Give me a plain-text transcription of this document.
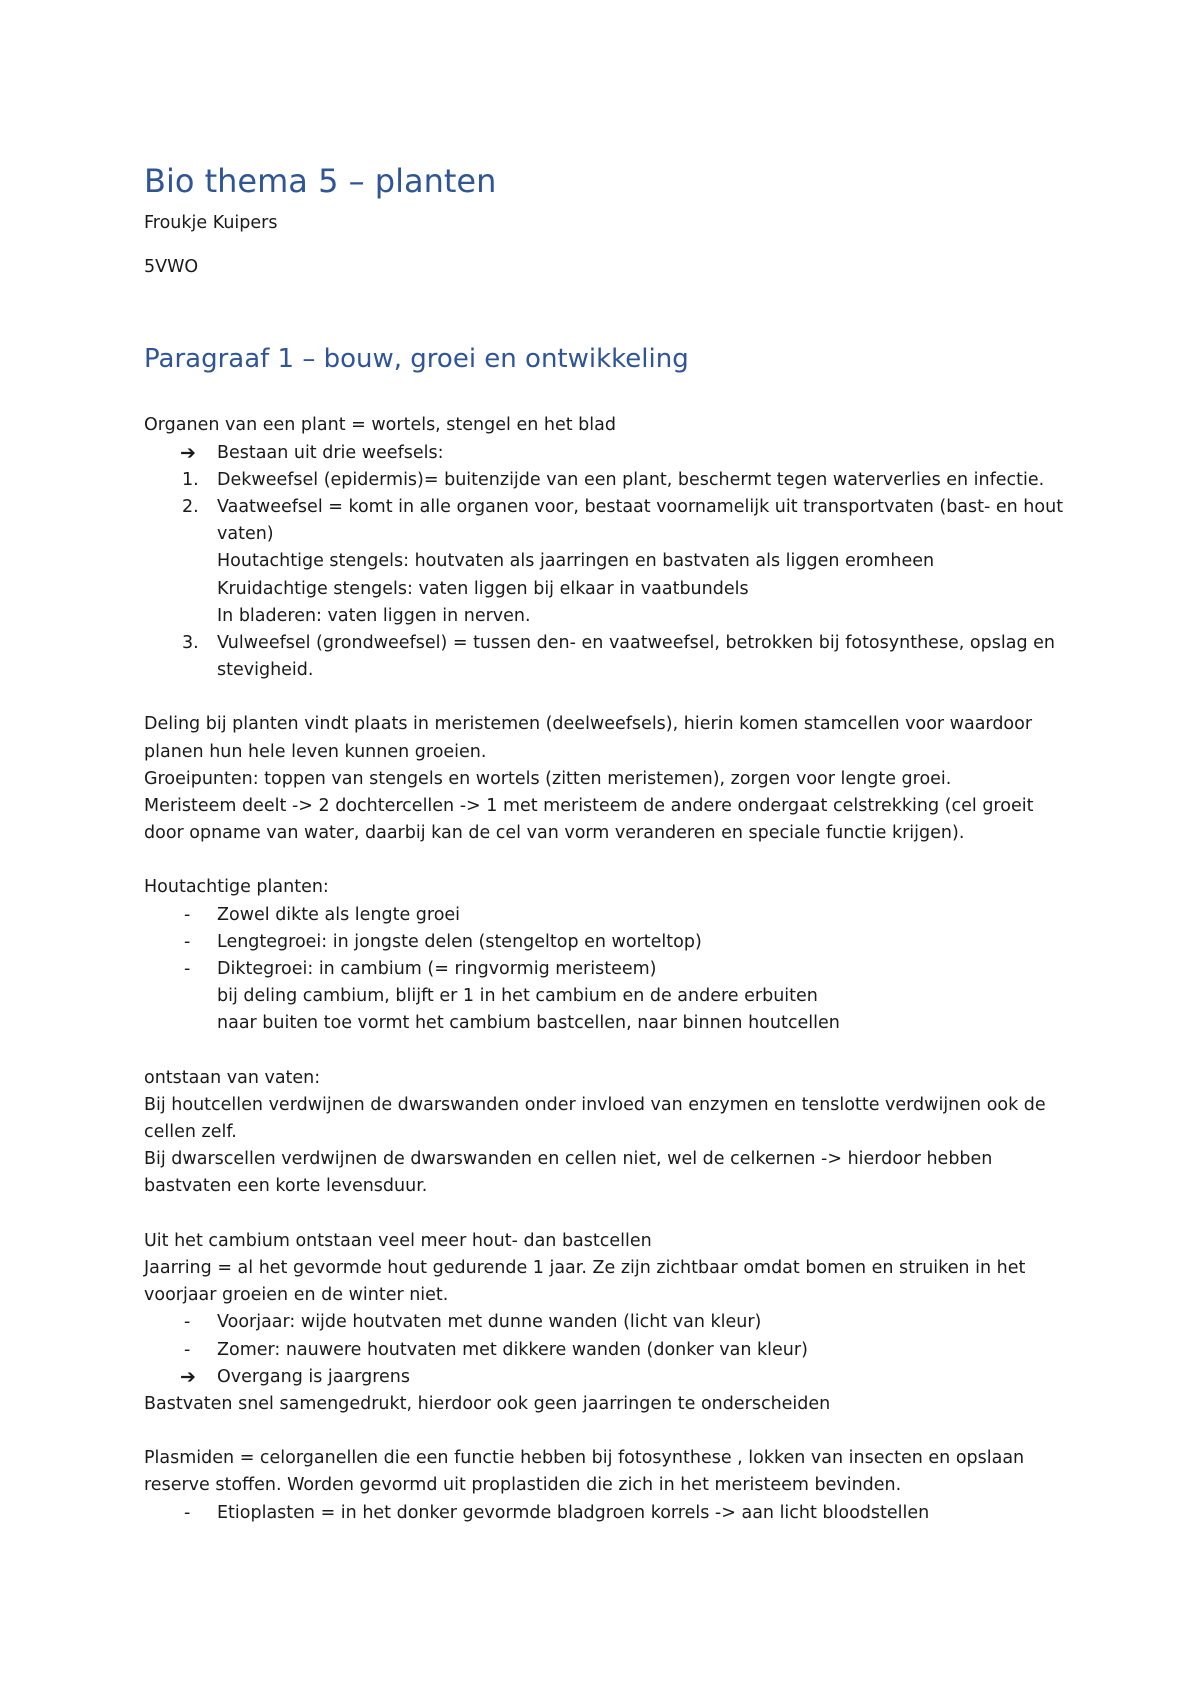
Bio thema 5 – planten

Froukje Kuipers

5VWO

Paragraaf 1 – bouw, groei en ontwikkeling

Organen van een plant = wortels, stengel en het blad

➔ Bestaan uit drie weefsels:
1. Dekweefsel (epidermis)= buitenzijde van een plant, beschermt tegen waterverlies en infectie.
2. Vaatweefsel = komt in alle organen voor, bestaat voornamelijk uit transportvaten (bast- en hout vaten)
Houtachtige stengels: houtvaten als jaarringen en bastvaten als liggen eromheen
Kruidachtige stengels: vaten liggen bij elkaar in vaatbundels
In bladeren: vaten liggen in nerven.
3. Vulweefsel (grondweefsel) = tussen den- en vaatweefsel, betrokken bij fotosynthese, opslag en stevigheid.

Deling bij planten vindt plaats in meristemen (deelweefsels), hierin komen stamcellen voor waardoor planen hun hele leven kunnen groeien.

Groeipunten: toppen van stengels en wortels (zitten meristemen), zorgen voor lengte groei.

Meristeem deelt -> 2 dochtercellen -> 1 met meristeem de andere ondergaat celstrekking (cel groeit door opname van water, daarbij kan de cel van vorm veranderen en speciale functie krijgen).

Houtachtige planten:

- Zowel dikte als lengte groei
- Lengtegroei: in jongste delen (stengeltop en worteltop)
- Diktegroei: in cambium (= ringvormig meristeem)
bij deling cambium, blijft er 1 in het cambium en de andere erbuiten
naar buiten toe vormt het cambium bastcellen, naar binnen houtcellen

ontstaan van vaten:

Bij houtcellen verdwijnen de dwarswanden onder invloed van enzymen en tenslotte verdwijnen ook de cellen zelf.

Bij dwarscellen verdwijnen de dwarswanden en cellen niet, wel de celkernen -> hierdoor hebben bastvaten een korte levensduur.

Uit het cambium ontstaan veel meer hout- dan bastcellen

Jaarring = al het gevormde hout gedurende 1 jaar. Ze zijn zichtbaar omdat bomen en struiken in het voorjaar groeien en de winter niet.

- Voorjaar: wijde houtvaten met dunne wanden (licht van kleur)
- Zomer: nauwere houtvaten met dikkere wanden (donker van kleur)
➔ Overgang is jaargrens

Bastvaten snel samengedrukt, hierdoor ook geen jaarringen te onderscheiden

Plasmiden = celorganellen die een functie hebben bij fotosynthese , lokken van insecten en opslaan reserve stoffen. Worden gevormd uit proplastiden die zich in het meristeem bevinden.

- Etioplasten = in het donker gevormde bladgroen korrels -> aan licht bloodstellen
